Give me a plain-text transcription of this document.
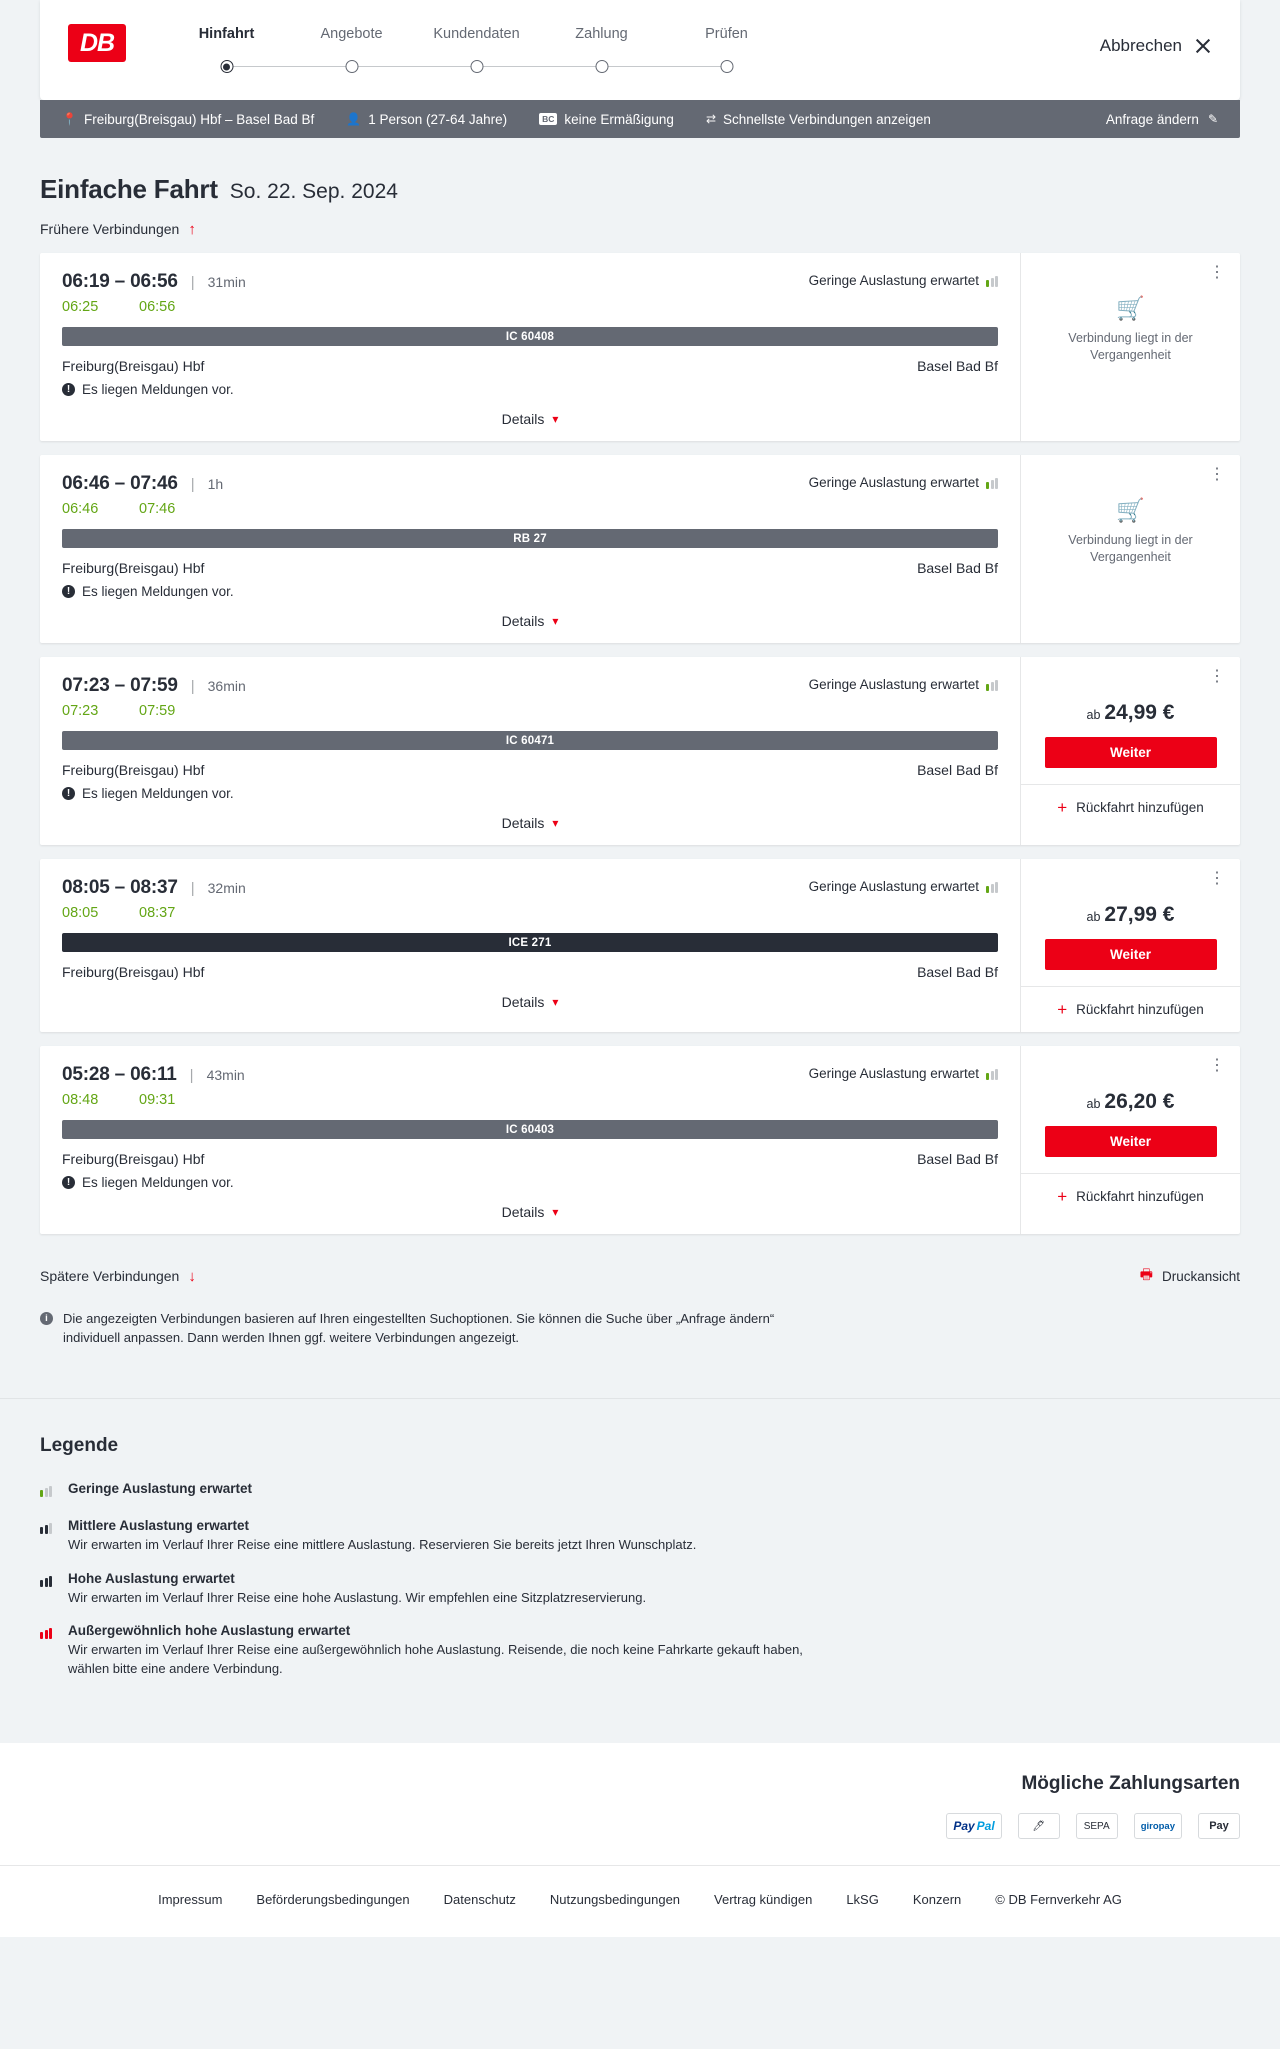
DB	Hinfahrt	Angebote	Kundendaten	Zahlung	Prüfen
Abbrechen
📍 Freiburg(Breisgau) Hbf – Basel Bad Bf	👤 1 Person (27-64 Jahre)	BC keine Ermäßigung	⇄ Schnellste Verbindungen anzeigen	Anfrage ändern ✎
Einfache Fahrt So. 22. Sep. 2024
Frühere Verbindungen ↑
06:19 – 06:56 | 31min	Geringe Auslastung erwartet
06:25	06:56
IC 60408
Freiburg(Breisgau) Hbf	Basel Bad Bf
! Es liegen Meldungen vor.
Details ▾
⋮
🛒
Verbindung liegt in der Vergangenheit
06:46 – 07:46 | 1h	Geringe Auslastung erwartet
06:46	07:46
RB 27
Freiburg(Breisgau) Hbf	Basel Bad Bf
! Es liegen Meldungen vor.
Details ▾
⋮
🛒
Verbindung liegt in der Vergangenheit
07:23 – 07:59 | 36min	Geringe Auslastung erwartet
07:23	07:59
IC 60471
Freiburg(Breisgau) Hbf	Basel Bad Bf
! Es liegen Meldungen vor.
Details ▾
⋮
ab 24,99 €
Weiter
+ Rückfahrt hinzufügen
08:05 – 08:37 | 32min	Geringe Auslastung erwartet
08:05	08:37
ICE 271
Freiburg(Breisgau) Hbf	Basel Bad Bf
Details ▾
⋮
ab 27,99 €
Weiter
+ Rückfahrt hinzufügen
05:28 – 06:11 | 43min	Geringe Auslastung erwartet
08:48	09:31
IC 60403
Freiburg(Breisgau) Hbf	Basel Bad Bf
! Es liegen Meldungen vor.
Details ▾
⋮
ab 26,20 €
Weiter
+ Rückfahrt hinzufügen
Spätere Verbindungen ↓	🖶 Druckansicht
i	Die angezeigten Verbindungen basieren auf Ihren eingestellten Suchoptionen. Sie können die Suche über „Anfrage ändern“ individuell anpassen. Dann werden Ihnen ggf. weitere Verbindungen angezeigt.
Legende
Geringe Auslastung erwartet
Mittlere Auslastung erwartet
Wir erwarten im Verlauf Ihrer Reise eine mittlere Auslastung. Reservieren Sie bereits jetzt Ihren Wunschplatz.
Hohe Auslastung erwartet
Wir erwarten im Verlauf Ihrer Reise eine hohe Auslastung. Wir empfehlen eine Sitzplatzreservierung.
Außergewöhnlich hohe Auslastung erwartet
Wir erwarten im Verlauf Ihrer Reise eine außergewöhnlich hohe Auslastung. Reisende, die noch keine Fahrkarte gekauft haben, wählen bitte eine andere Verbindung.
Mögliche Zahlungsarten
Pay Pal	🖊	SEPA	giropay	Pay
Impressum	Beförderungsbedingungen	Datenschutz	Nutzungsbedingungen	Vertrag kündigen	LkSG	Konzern	© DB Fernverkehr AG
